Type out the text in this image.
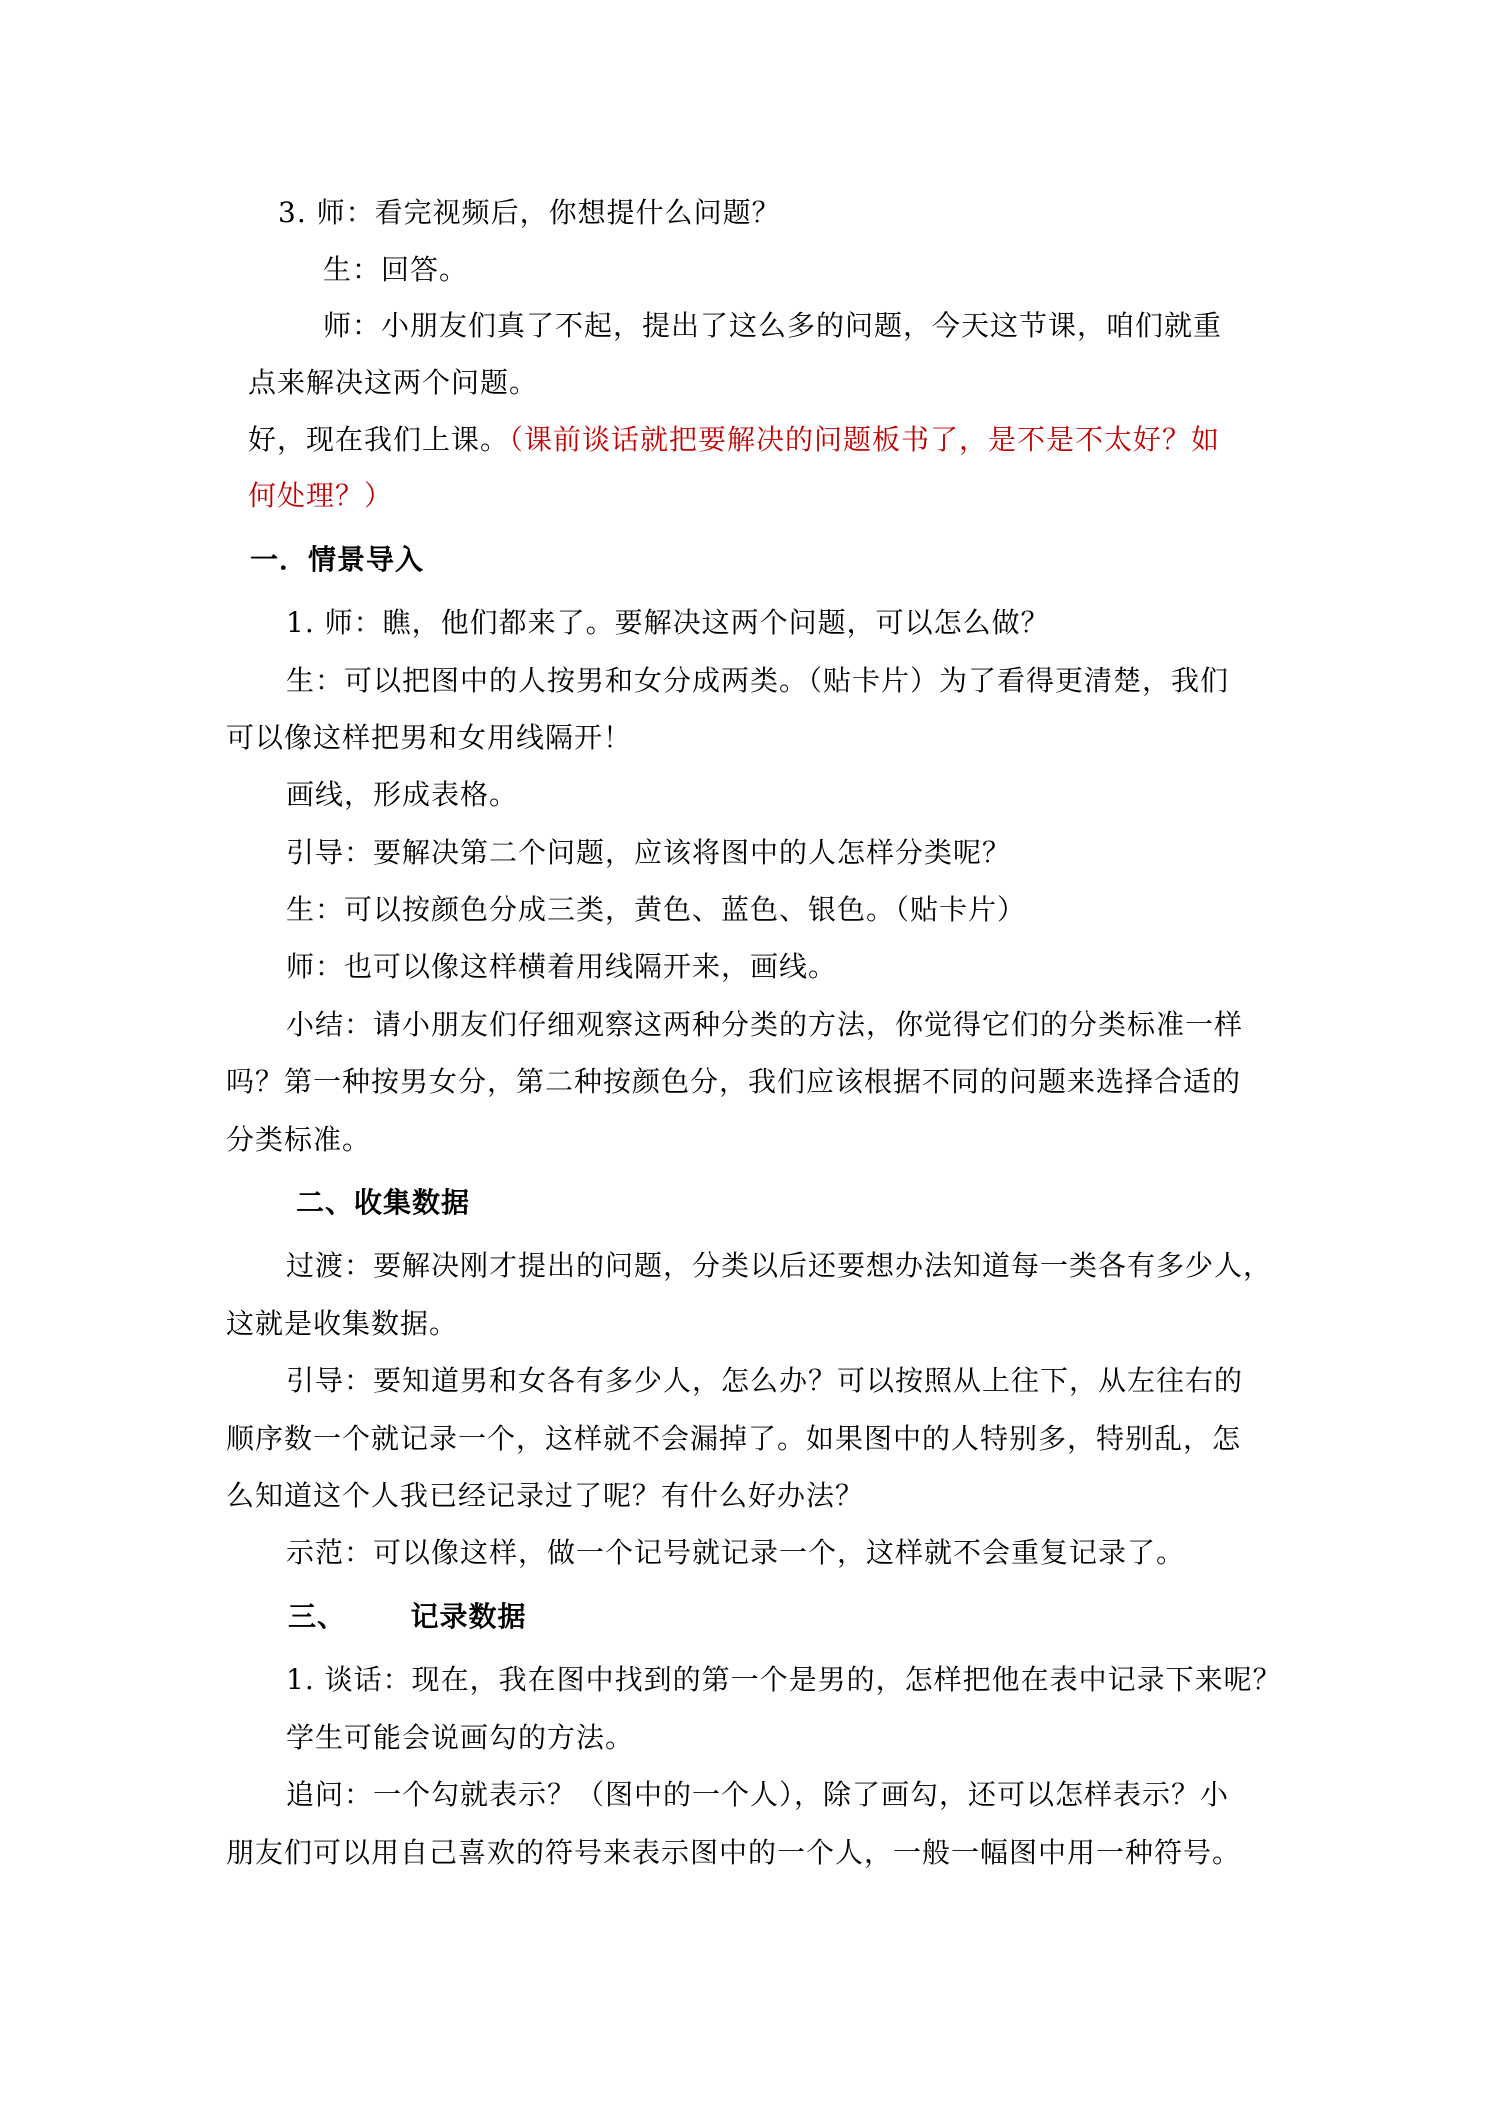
3. 师：看完视频后，你想提什么问题？
生：回答。
师：小朋友们真了不起，提出了这么多的问题，今天这节课，咱们就重
点来解决这两个问题。
好，现在我们上课。（课前谈话就把要解决的问题板书了，是不是不太好？如
何处理？）
一．情景导入
1. 师：瞧，他们都来了。要解决这两个问题，可以怎么做？
生：可以把图中的人按男和女分成两类。（贴卡片）为了看得更清楚，我们
可以像这样把男和女用线隔开！
画线，形成表格。
引导：要解决第二个问题，应该将图中的人怎样分类呢？
生：可以按颜色分成三类，黄色、蓝色、银色。（贴卡片）
师：也可以像这样横着用线隔开来，画线。
小结：请小朋友们仔细观察这两种分类的方法，你觉得它们的分类标准一样
吗？第一种按男女分，第二种按颜色分，我们应该根据不同的问题来选择合适的
分类标准。
二、收集数据
过渡：要解决刚才提出的问题，分类以后还要想办法知道每一类各有多少人，
这就是收集数据。
引导：要知道男和女各有多少人，怎么办？可以按照从上往下，从左往右的
顺序数一个就记录一个，这样就不会漏掉了。如果图中的人特别多，特别乱，怎
么知道这个人我已经记录过了呢？有什么好办法？
示范：可以像这样，做一个记号就记录一个，这样就不会重复记录了。
三、      记录数据
1. 谈话：现在，我在图中找到的第一个是男的，怎样把他在表中记录下来呢？
学生可能会说画勾的方法。
追问：一个勾就表示？（图中的一个人），除了画勾，还可以怎样表示？小
朋友们可以用自己喜欢的符号来表示图中的一个人，一般一幅图中用一种符号。
